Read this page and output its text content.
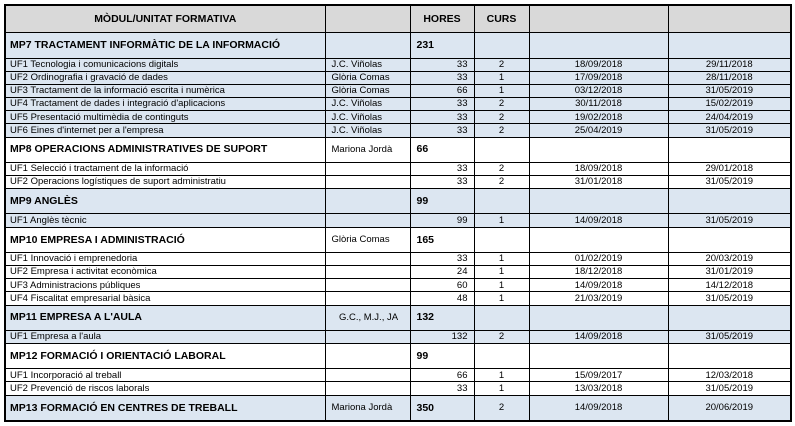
MÒDUL/UNITAT FORMATIVA		HORES	CURS		
MP7 TRACTAMENT INFORMÀTIC DE LA INFORMACIÓ		231			
UF1 Tecnologia i comunicacions digitals	J.C. Viñolas	33	2	18/09/2018	29/11/2018
UF2 Ordinografia i gravació de dades	Glòria Comas	33	1	17/09/2018	28/11/2018
UF3 Tractament de la informació escrita i numèrica	Glòria Comas	66	1	03/12/2018	31/05/2019
UF4 Tractament de dades i integració d'aplicacions	J.C. Viñolas	33	2	30/11/2018	15/02/2019
UF5 Presentació multimèdia de continguts	J.C. Viñolas	33	2	19/02/2018	24/04/2019
UF6 Eines d'internet per a l'empresa	J.C. Viñolas	33	2	25/04/2019	31/05/2019
MP8 OPERACIONS ADMINISTRATIVES DE SUPORT	Mariona Jordà	66			
UF1 Selecció i tractament de la informació		33	2	18/09/2018	29/01/2018
UF2 Operacions logístiques de suport administratiu		33	2	31/01/2018	31/05/2019
MP9 ANGLÈS		99			
UF1 Anglès tècnic		99	1	14/09/2018	31/05/2019
MP10 EMPRESA I ADMINISTRACIÓ	Glòria Comas	165			
UF1 Innovació i emprenedoria		33	1	01/02/2019	20/03/2019
UF2 Empresa i activitat econòmica		24	1	18/12/2018	31/01/2019
UF3 Administracions públiques		60	1	14/09/2018	14/12/2018
UF4 Fiscalitat empresarial bàsica		48	1	21/03/2019	31/05/2019
MP11 EMPRESA A L'AULA	G.C., M.J., JA	132			
UF1 Empresa a l'aula		132	2	14/09/2018	31/05/2019
MP12 FORMACIÓ I ORIENTACIÓ LABORAL		99			
UF1 Incorporació al treball		66	1	15/09/2017	12/03/2018
UF2 Prevenció de riscos laborals		33	1	13/03/2018	31/05/2019
MP13 FORMACIÓ EN CENTRES DE TREBALL	Mariona Jordà	350	2	14/09/2018	20/06/2019
